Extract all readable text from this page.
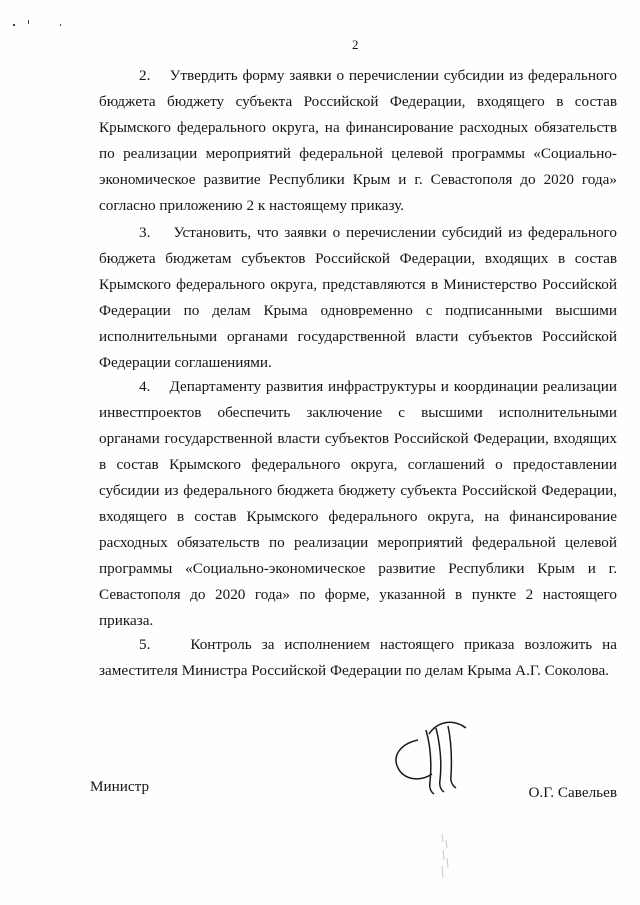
2

2.    Утвердить форму заявки о перечислении субсидии из федерального бюджета бюджету субъекта Российской Федерации, входящего в состав Крымского федерального округа, на финансирование расходных обязательств по реализации мероприятий федеральной целевой программы «Социально-экономическое развитие Республики Крым и г. Севастополя до 2020 года» согласно приложению 2 к настоящему приказу.

3.    Установить, что заявки о перечислении субсидий из федерального бюджета бюджетам субъектов Российской Федерации, входящих в состав Крымского федерального округа, представляются в Министерство Российской Федерации по делам Крыма одновременно с подписанными высшими исполнительными органами государственной власти субъектов Российской Федерации соглашениями.

4.    Департаменту развития инфраструктуры и координации реализации инвестпроектов обеспечить заключение с высшими исполнительными органами государственной власти субъектов Российской Федерации, входящих в состав Крымского федерального округа, соглашений о предоставлении субсидии из федерального бюджета бюджету субъекта Российской Федерации, входящего в состав Крымского федерального округа, на финансирование расходных обязательств по реализации мероприятий федеральной целевой программы «Социально-экономическое развитие Республики Крым и г. Севастополя до 2020 года» по форме, указанной в пункте 2 настоящего приказа.

5.    Контроль за исполнением настоящего приказа возложить на заместителя Министра Российской Федерации по делам Крыма А.Г. Соколова.

Министр	О.Г. Савельев
